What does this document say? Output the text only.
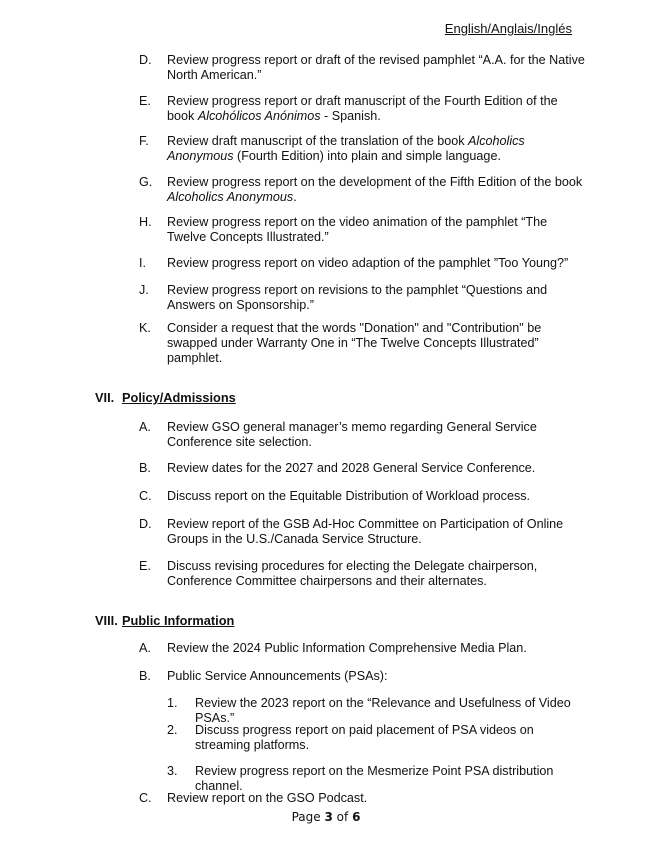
English/Anglais/Inglés
D. Review progress report or draft of the revised pamphlet “A.A. for the Native North American.”
E. Review progress report or draft manuscript of the Fourth Edition of the book Alcohólicos Anónimos - Spanish.
F. Review draft manuscript of the translation of the book Alcoholics Anonymous (Fourth Edition) into plain and simple language.
G. Review progress report on the development of the Fifth Edition of the book Alcoholics Anonymous.
H. Review progress report on the video animation of the pamphlet “The Twelve Concepts Illustrated.”
I. Review progress report on video adaption of the pamphlet ”Too Young?”
J. Review progress report on revisions to the pamphlet “Questions and Answers on Sponsorship.”
K. Consider a request that the words "Donation" and "Contribution" be swapped under Warranty One in “The Twelve Concepts Illustrated” pamphlet.
VII. Policy/Admissions
A. Review GSO general manager’s memo regarding General Service Conference site selection.
B. Review dates for the 2027 and 2028 General Service Conference.
C. Discuss report on the Equitable Distribution of Workload process.
D. Review report of the GSB Ad-Hoc Committee on Participation of Online Groups in the U.S./Canada Service Structure.
E. Discuss revising procedures for electing the Delegate chairperson, Conference Committee chairpersons and their alternates.
VIII. Public Information
A. Review the 2024 Public Information Comprehensive Media Plan.
B. Public Service Announcements (PSAs):
1. Review the 2023 report on the “Relevance and Usefulness of Video PSAs.”
2. Discuss progress report on paid placement of PSA videos on streaming platforms.
3. Review progress report on the Mesmerize Point PSA distribution channel.
C. Review report on the GSO Podcast.
Page 3 of 6
